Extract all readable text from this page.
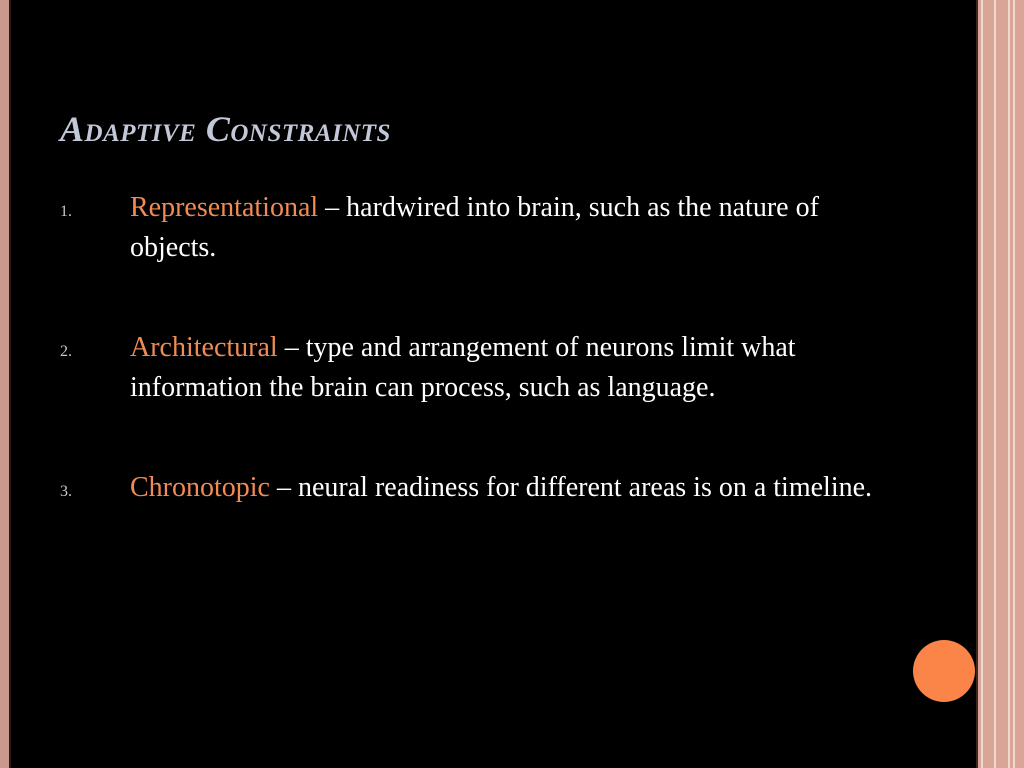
Adaptive Constraints
1.	Representational – hardwired into brain, such as the nature of objects.
2.	Architectural – type and arrangement of neurons limit what information the brain can process, such as language.
3.	Chronotopic – neural readiness for different areas is on a timeline.
